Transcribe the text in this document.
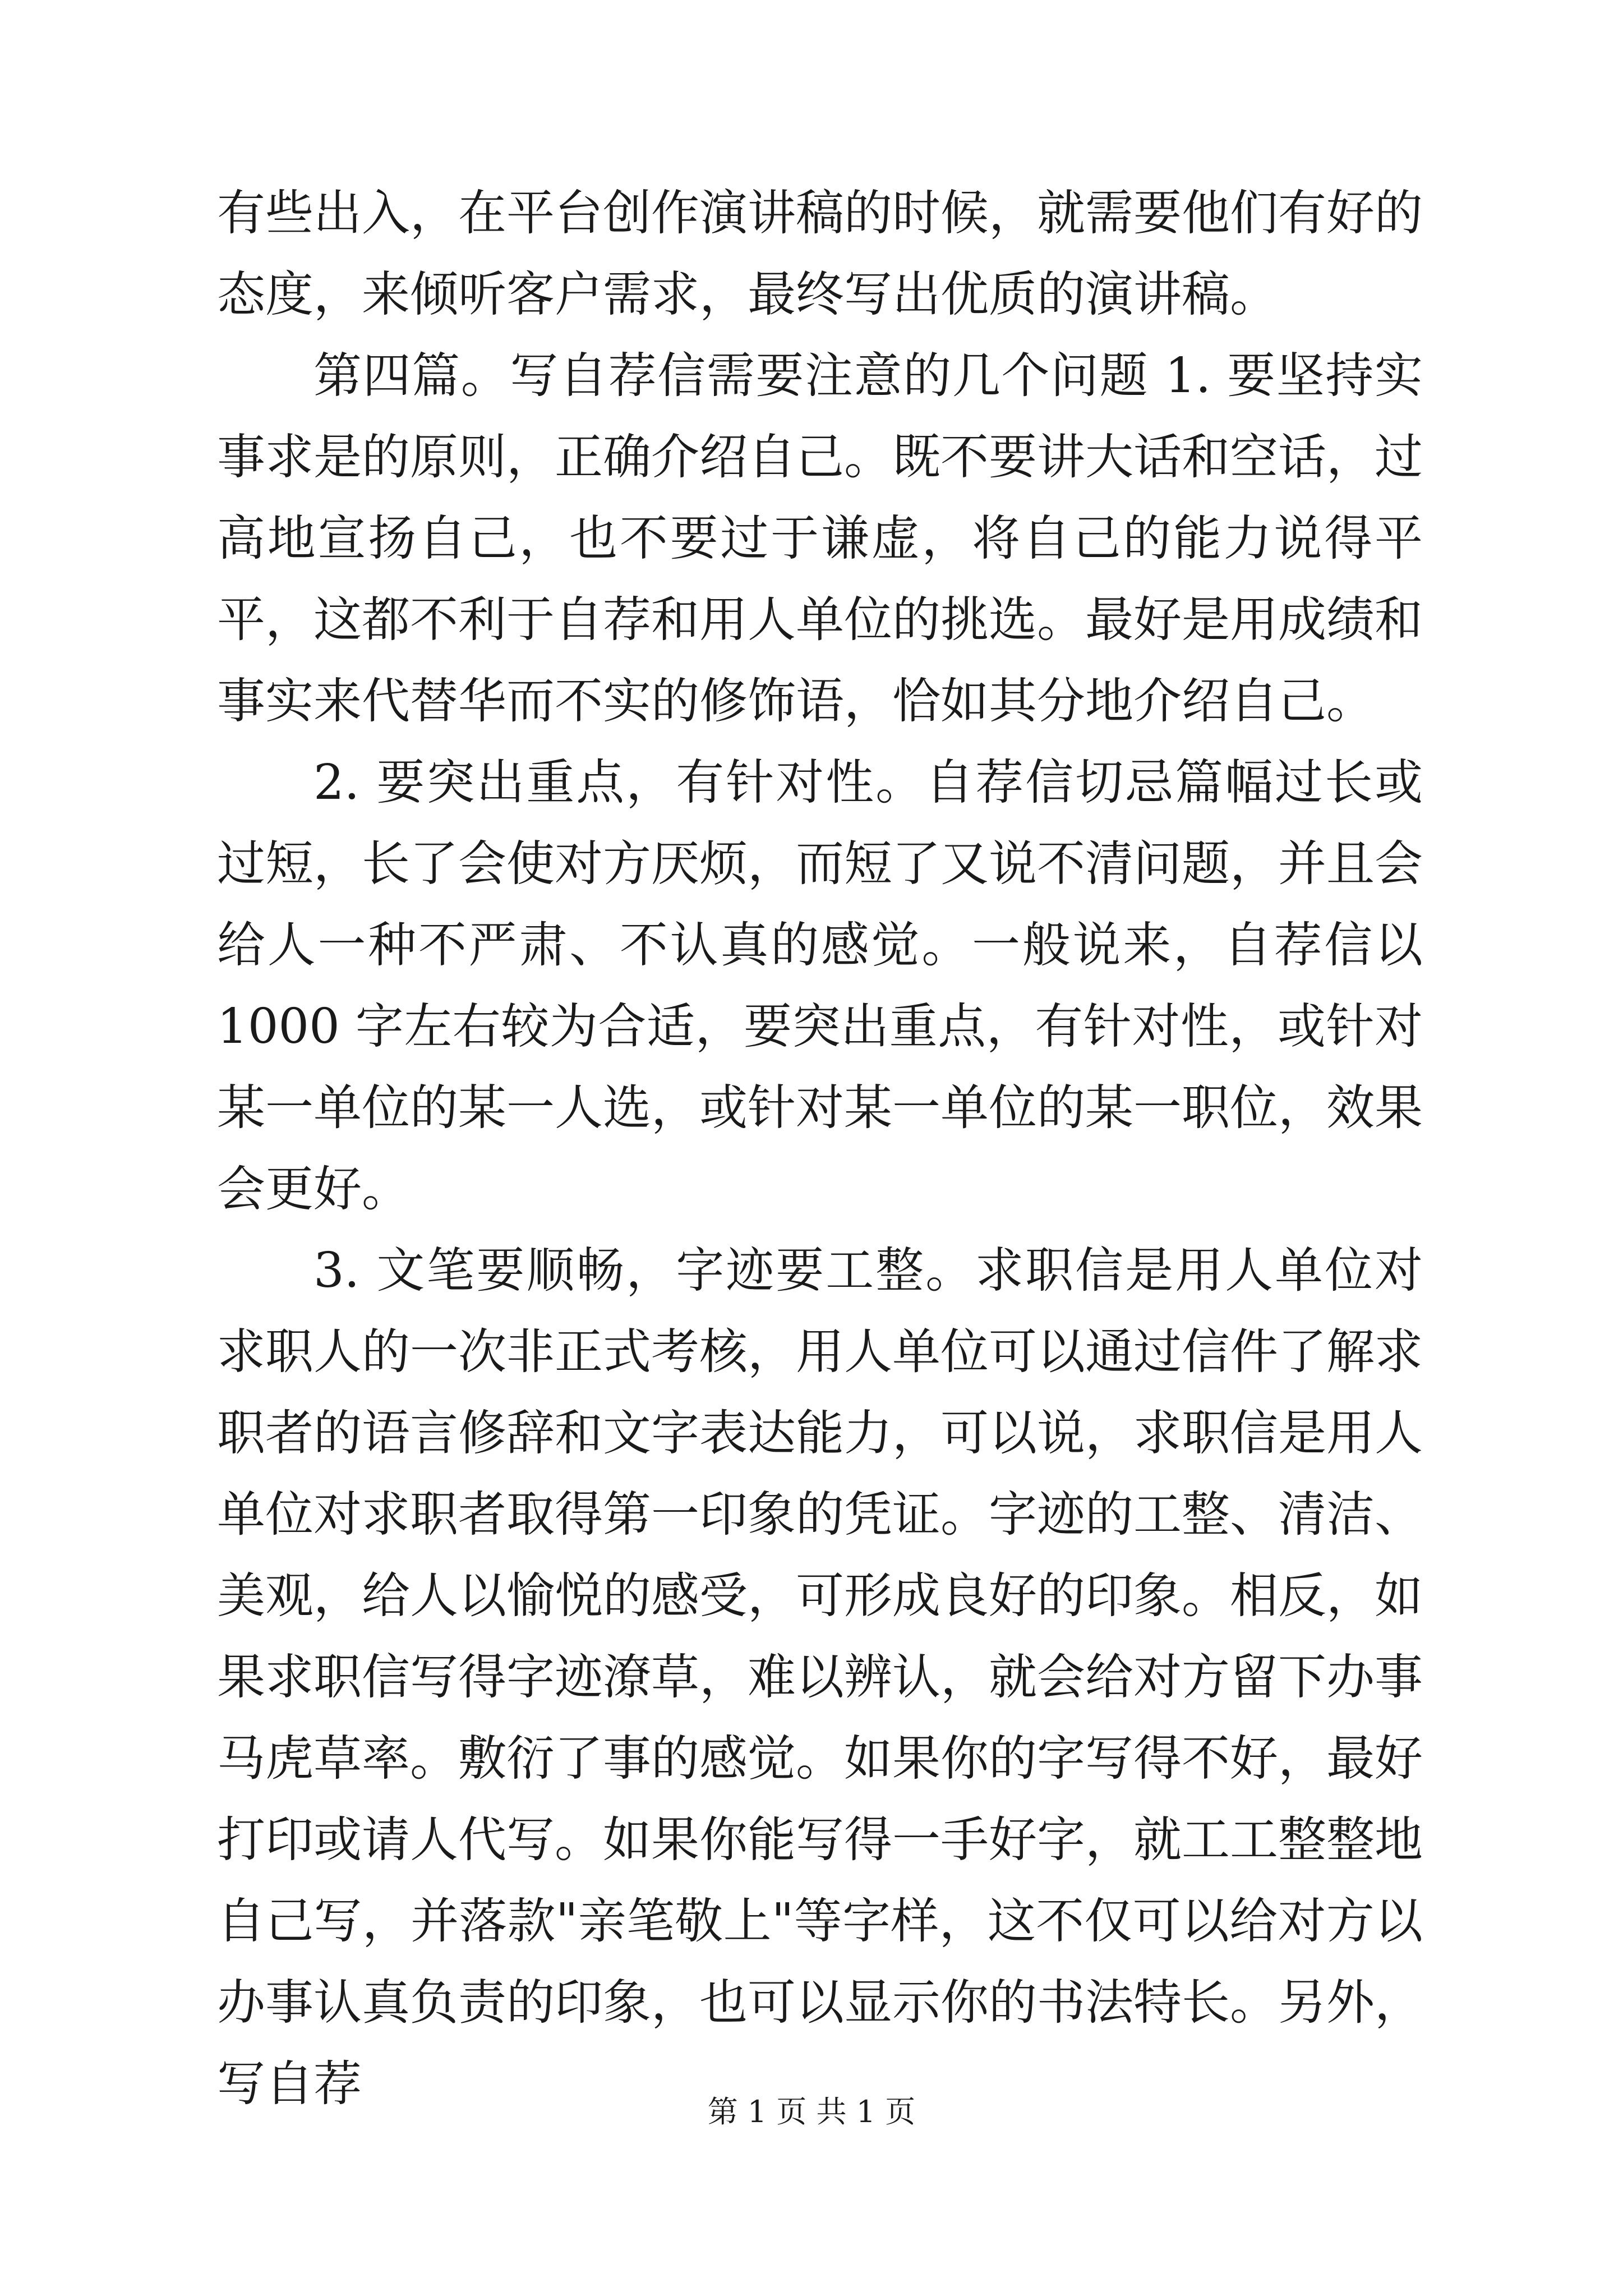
有些出入，在平台创作演讲稿的时候，就需要他们有好的态度，来倾听客户需求，最终写出优质的演讲稿。

第四篇。写自荐信需要注意的几个问题 1. 要坚持实事求是的原则，正确介绍自己。既不要讲大话和空话，过高地宣扬自己，也不要过于谦虚，将自己的能力说得平平，这都不利于自荐和用人单位的挑选。最好是用成绩和事实来代替华而不实的修饰语，恰如其分地介绍自己。

2. 要突出重点，有针对性。自荐信切忌篇幅过长或过短，长了会使对方厌烦，而短了又说不清问题，并且会给人一种不严肃、不认真的感觉。一般说来，自荐信以 1000 字左右较为合适，要突出重点，有针对性，或针对某一单位的某一人选，或针对某一单位的某一职位，效果会更好。

3. 文笔要顺畅，字迹要工整。求职信是用人单位对求职人的一次非正式考核，用人单位可以通过信件了解求职者的语言修辞和文字表达能力，可以说，求职信是用人单位对求职者取得第一印象的凭证。字迹的工整、清洁、美观，给人以愉悦的感受，可形成良好的印象。相反，如果求职信写得字迹潦草，难以辨认，就会给对方留下办事马虎草率。敷衍了事的感觉。如果你的字写得不好，最好打印或请人代写。如果你能写得一手好字，就工工整整地自己写，并落款"亲笔敬上"等字样，这不仅可以给对方以办事认真负责的印象，也可以显示你的书法特长。另外，写自荐	第 1 页 共 1 页
